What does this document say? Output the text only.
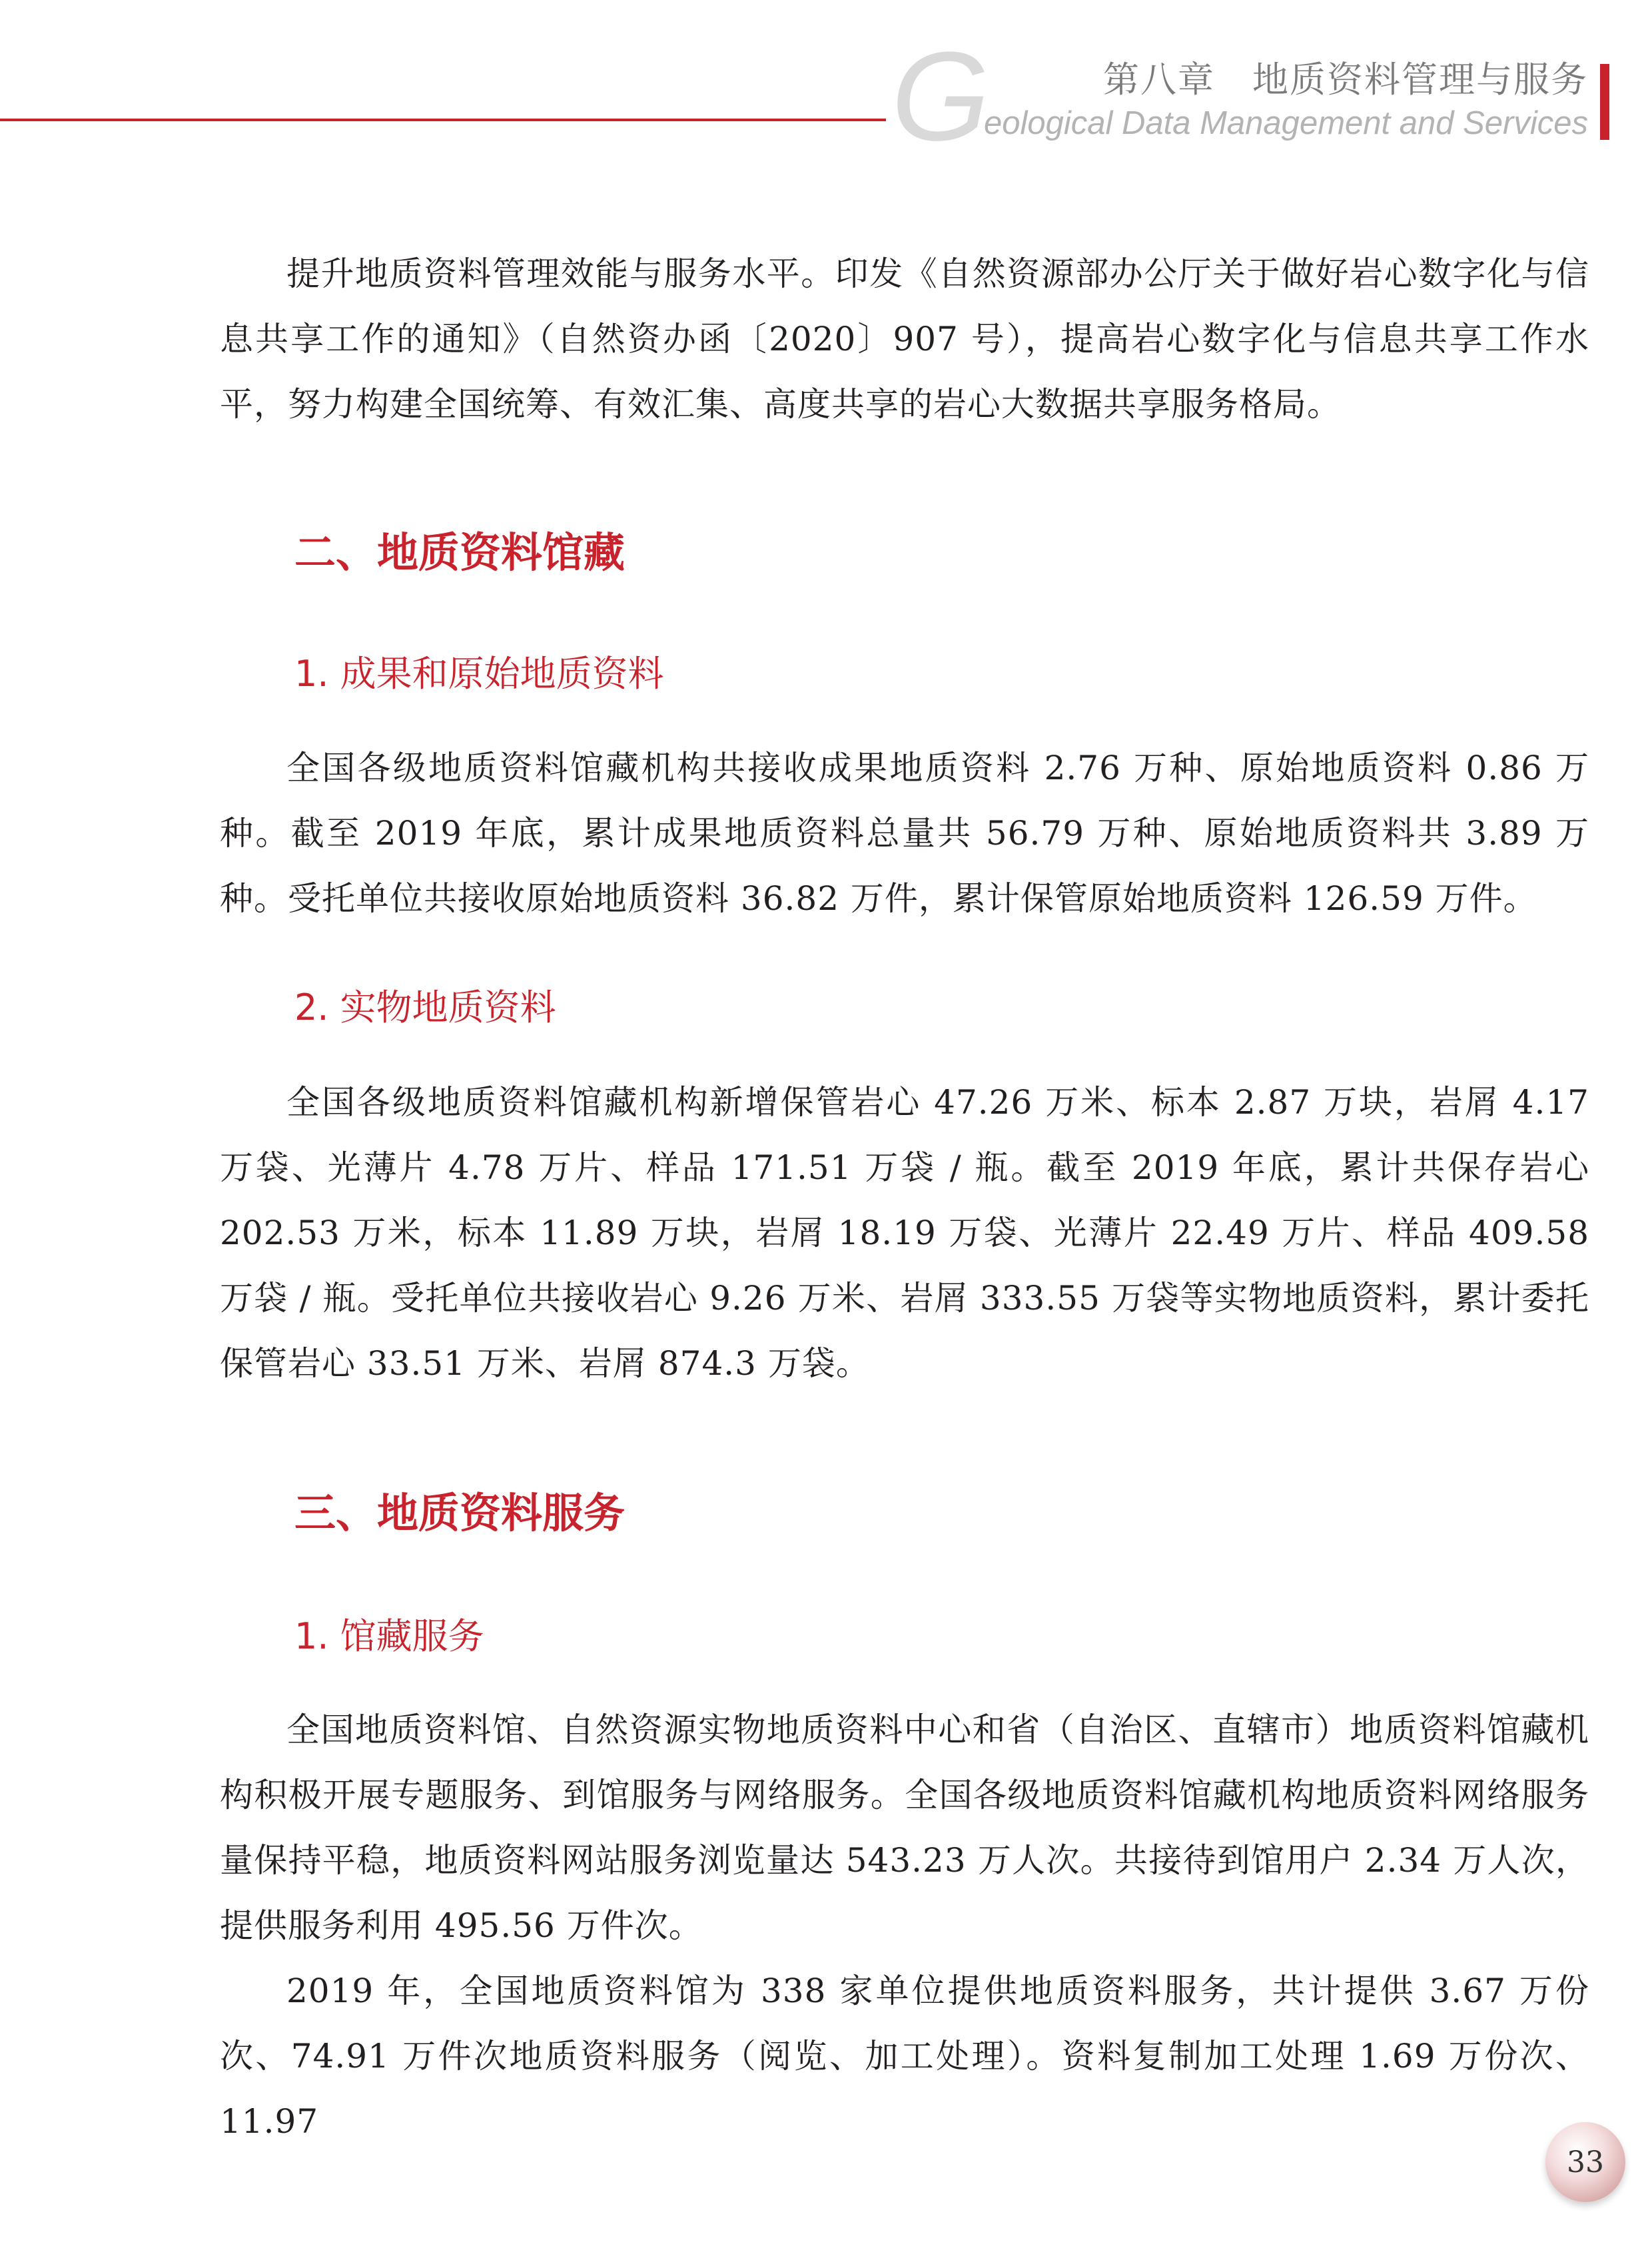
G	第八章　地质资料管理与服务
eological Data Management and Services
提升地质资料管理效能与服务水平。印发《自然资源部办公厅关于做好岩心数字化与信息共享工作的通知》（自然资办函〔2020〕907 号），提高岩心数字化与信息共享工作水平，努力构建全国统筹、有效汇集、高度共享的岩心大数据共享服务格局。
二、地质资料馆藏
1. 成果和原始地质资料
全国各级地质资料馆藏机构共接收成果地质资料 2.76 万种、原始地质资料 0.86 万种。截至 2019 年底，累计成果地质资料总量共 56.79 万种、原始地质资料共 3.89 万种。受托单位共接收原始地质资料 36.82 万件，累计保管原始地质资料 126.59 万件。
2. 实物地质资料
全国各级地质资料馆藏机构新增保管岩心 47.26 万米、标本 2.87 万块，岩屑 4.17 万袋、光薄片 4.78 万片、样品 171.51 万袋 / 瓶。截至 2019 年底，累计共保存岩心 202.53 万米，标本 11.89 万块，岩屑 18.19 万袋、光薄片 22.49 万片、样品 409.58 万袋 / 瓶。受托单位共接收岩心 9.26 万米、岩屑 333.55 万袋等实物地质资料，累计委托保管岩心 33.51 万米、岩屑 874.3 万袋。
三、地质资料服务
1. 馆藏服务
全国地质资料馆、自然资源实物地质资料中心和省（自治区、直辖市）地质资料馆藏机构积极开展专题服务、到馆服务与网络服务。全国各级地质资料馆藏机构地质资料网络服务量保持平稳，地质资料网站服务浏览量达 543.23 万人次。共接待到馆用户 2.34 万人次，提供服务利用 495.56 万件次。
2019 年，全国地质资料馆为 338 家单位提供地质资料服务，共计提供 3.67 万份次、74.91 万件次地质资料服务（阅览、加工处理）。资料复制加工处理 1.69 万份次、11.97
33
